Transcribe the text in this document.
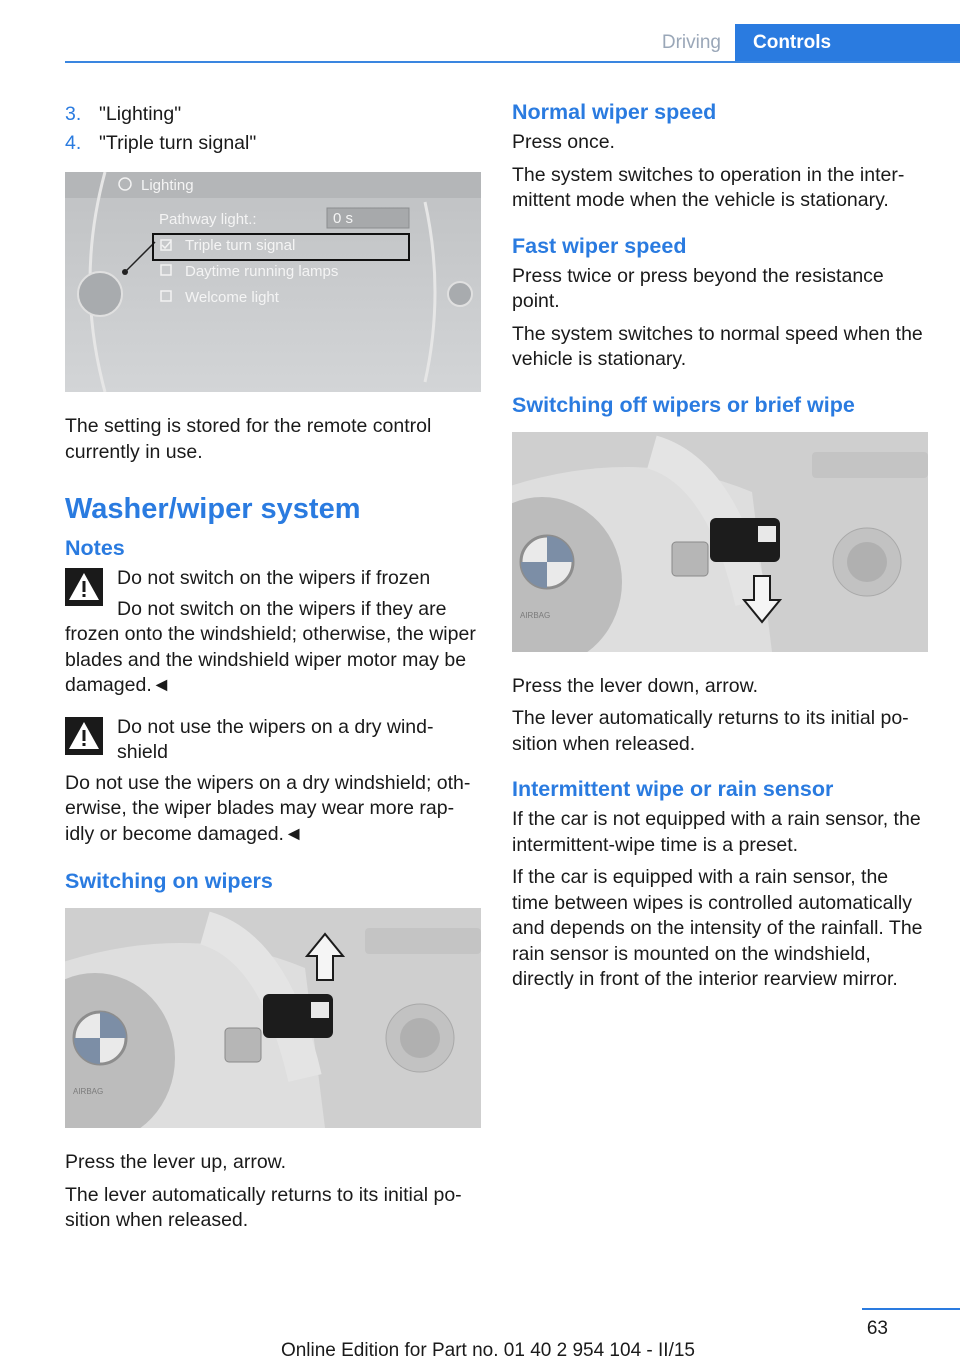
Driving	Controls
3. "Lighting"
4. "Triple turn signal"
Lighting
Pathway light.:	0 s
Triple turn signal
Daytime running lamps
Welcome light

The setting is stored for the remote control currently in use.

Washer/wiper system
Notes

Do not switch on the wipers if frozen

Do not switch on the wipers if they are

frozen onto the windshield; otherwise, the wiper blades and the windshield wiper motor may be damaged.◄

Do not use the wipers on a dry wind-shield

Do not use the wipers on a dry windshield; oth-erwise, the wiper blades may wear more rap-idly or become damaged.◄

Switching on wipers
AIRBAG

Press the lever up, arrow.

The lever automatically returns to its initial po-sition when released.

Normal wiper speed

Press once.

The system switches to operation in the inter-mittent mode when the vehicle is stationary.

Fast wiper speed

Press twice or press beyond the resistance point.

The system switches to normal speed when the vehicle is stationary.

Switching off wipers or brief wipe
AIRBAG

Press the lever down, arrow.

The lever automatically returns to its initial po-sition when released.

Intermittent wipe or rain sensor

If the car is not equipped with a rain sensor, the intermittent-wipe time is a preset.

If the car is equipped with a rain sensor, the time between wipes is controlled automatically and depends on the intensity of the rainfall. The rain sensor is mounted on the windshield, directly in front of the interior rearview mirror.

63
Online Edition for Part no. 01 40 2 954 104 - II/15
